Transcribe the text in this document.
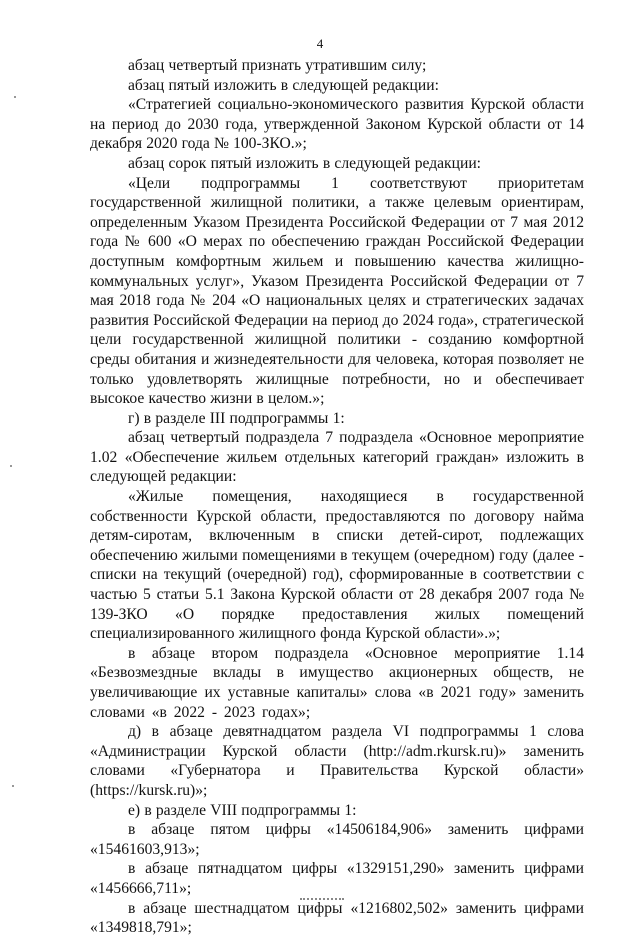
4

абзац четвертый признать утратившим силу;

абзац пятый изложить в следующей редакции:

«Стратегией социально-экономического развития Курской области на период до 2030 года, утвержденной Законом Курской области от 14 декабря 2020 года № 100-ЗКО.»;

абзац сорок пятый изложить в следующей редакции:

«Цели подпрограммы 1 соответствуют приоритетам государственной жилищной политики, а также целевым ориентирам, определенным Указом Президента Российской Федерации от 7 мая 2012 года № 600 «О мерах по обеспечению граждан Российской Федерации доступным комфортным жильем и повышению качества жилищно-коммунальных услуг», Указом Президента Российской Федерации от 7 мая 2018 года № 204 «О национальных целях и стратегических задачах развития Российской Федерации на период до 2024 года», стратегической цели государственной жилищной политики - созданию комфортной среды обитания и жизнедеятельности для человека, которая позволяет не только удовлетворять жилищные потребности, но и обеспечивает высокое качество жизни в целом.»;

г) в разделе III подпрограммы 1:

абзац четвертый подраздела 7 подраздела «Основное мероприятие 1.02 «Обеспечение жильем отдельных категорий граждан» изложить в следующей редакции:

«Жилые помещения, находящиеся в государственной собственности Курской области, предоставляются по договору найма детям-сиротам, включенным в списки детей-сирот, подлежащих обеспечению жилыми помещениями в текущем (очередном) году (далее - списки на текущий (очередной) год), сформированные в соответствии с частью 5 статьи 5.1 Закона Курской области от 28 декабря 2007 года № 139-ЗКО «О порядке предоставления жилых помещений специализированного жилищного фонда Курской области».»;

в абзаце втором подраздела «Основное мероприятие 1.14 «Безвозмездные вклады в имущество акционерных обществ, не увеличивающие их уставные капиталы» слова «в 2021 году» заменить словами «в 2022 - 2023 годах»;

д) в абзаце девятнадцатом раздела VI подпрограммы 1 слова «Администрации Курской области (http://adm.rkursk.ru)» заменить словами «Губернатора и Правительства Курской области» (https://kursk.ru)»;

е) в разделе VIII подпрограммы 1:

в абзаце пятом цифры «14506184,906» заменить цифрами «15461603,913»;

в абзаце пятнадцатом цифры «1329151,290» заменить цифрами «1456666,711»;

в абзаце шестнадцатом цифры «1216802,502» заменить цифрами «1349818,791»;
